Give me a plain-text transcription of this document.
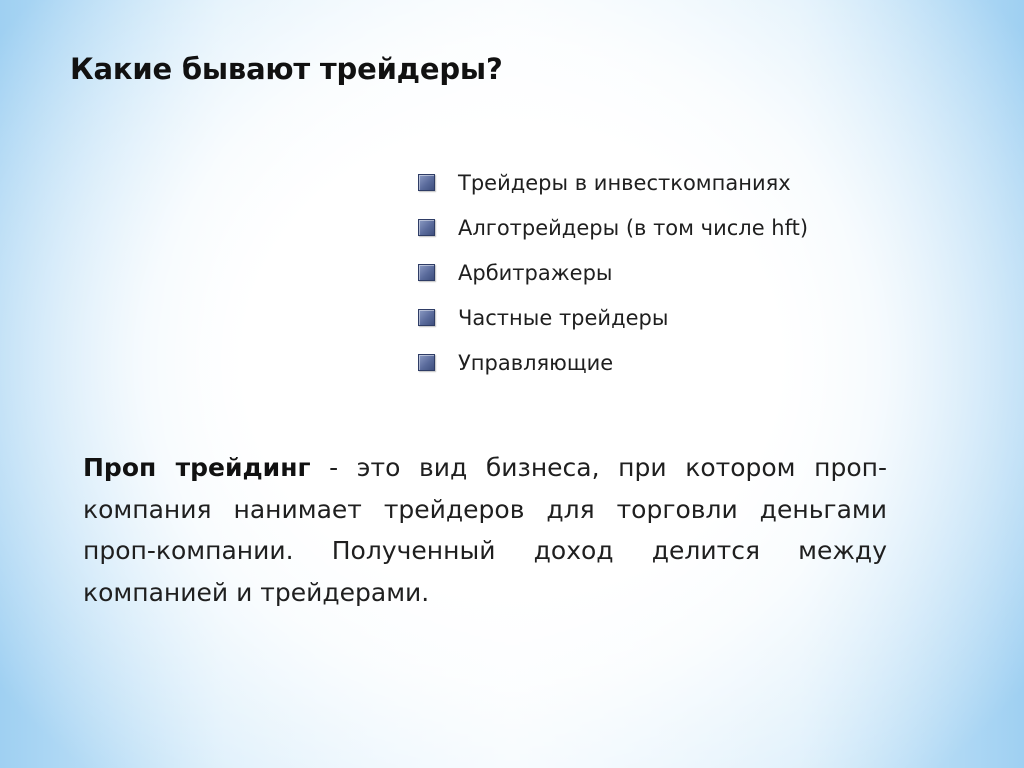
Какие бывают трейдеры?
Трейдеры в инвесткомпаниях
Алготрейдеры (в том числе hft)
Арбитражеры
Частные трейдеры
Управляющие

Проп трейдинг - это вид бизнеса, при котором проп-компания нанимает трейдеров для торговли деньгами проп-компании. Полученный доход делится между компанией и трейдерами.
